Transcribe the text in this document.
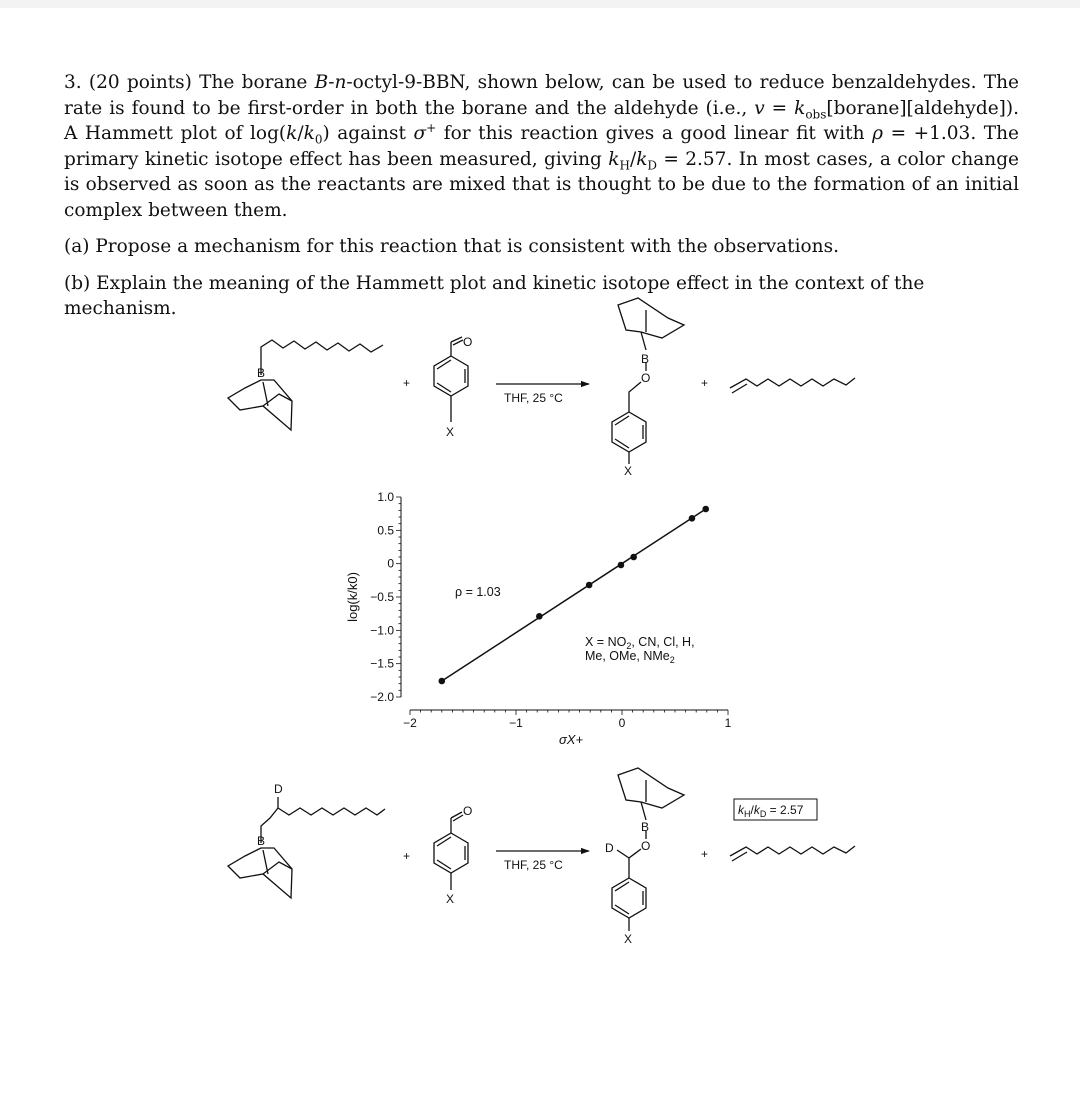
3. (20 points) The borane B-n-octyl-9-BBN, shown below, can be used to reduce benzaldehydes. The rate is found to be first-order in both the borane and the aldehyde (i.e., $v = k_{obs}[borane][aldehyde]$). A Hammett plot of $\log(k/k_0)$ against σ+ for this reaction gives a good linear fit with ρ = +1.03. The primary kinetic isotope effect has been measured, giving $k_H/k_D = 2.57$. In most cases, a color change is observed as soon as the reactants are mixed that is thought to be due to the formation of an initial complex between them.

(a) Propose a mechanism for this reaction that is consistent with the observations.

(b) Explain the meaning of the Hammett plot and kinetic isotope effect in the context of the mechanism.

B
+
O
X
THF, 25 °C
B
O
X
+
1.0
0.5
0
−0.5
−1.0
−1.5
−2.0
−2	−1	0	1
log(k/k0)
σX+
ρ = 1.03
$X = NO_2$, CN, Cl, H,
Me, OMe, NMe$_2$
D
B
+
O
X
THF, 25 °C
B
D O
X
+
$k_H/k_D = 2.57$
